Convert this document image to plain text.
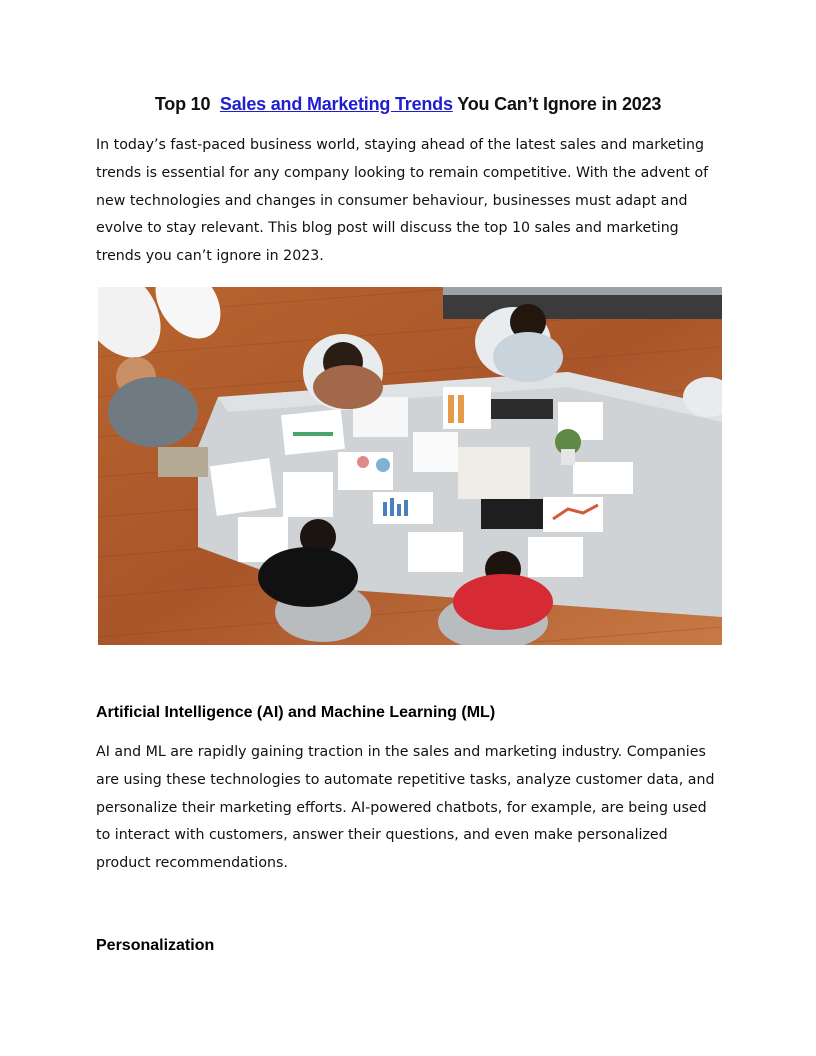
Top 10 Sales and Marketing Trends You Can’t Ignore in 2023

In today’s fast-paced business world, staying ahead of the latest sales and marketing trends is essential for any company looking to remain competitive. With the advent of new technologies and changes in consumer behaviour, businesses must adapt and evolve to stay relevant. This blog post will discuss the top 10 sales and marketing trends you can’t ignore in 2023.

Artificial Intelligence (AI) and Machine Learning (ML)

AI and ML are rapidly gaining traction in the sales and marketing industry. Companies are using these technologies to automate repetitive tasks, analyze customer data, and personalize their marketing efforts. AI-powered chatbots, for example, are being used to interact with customers, answer their questions, and even make personalized product recommendations.

Personalization
